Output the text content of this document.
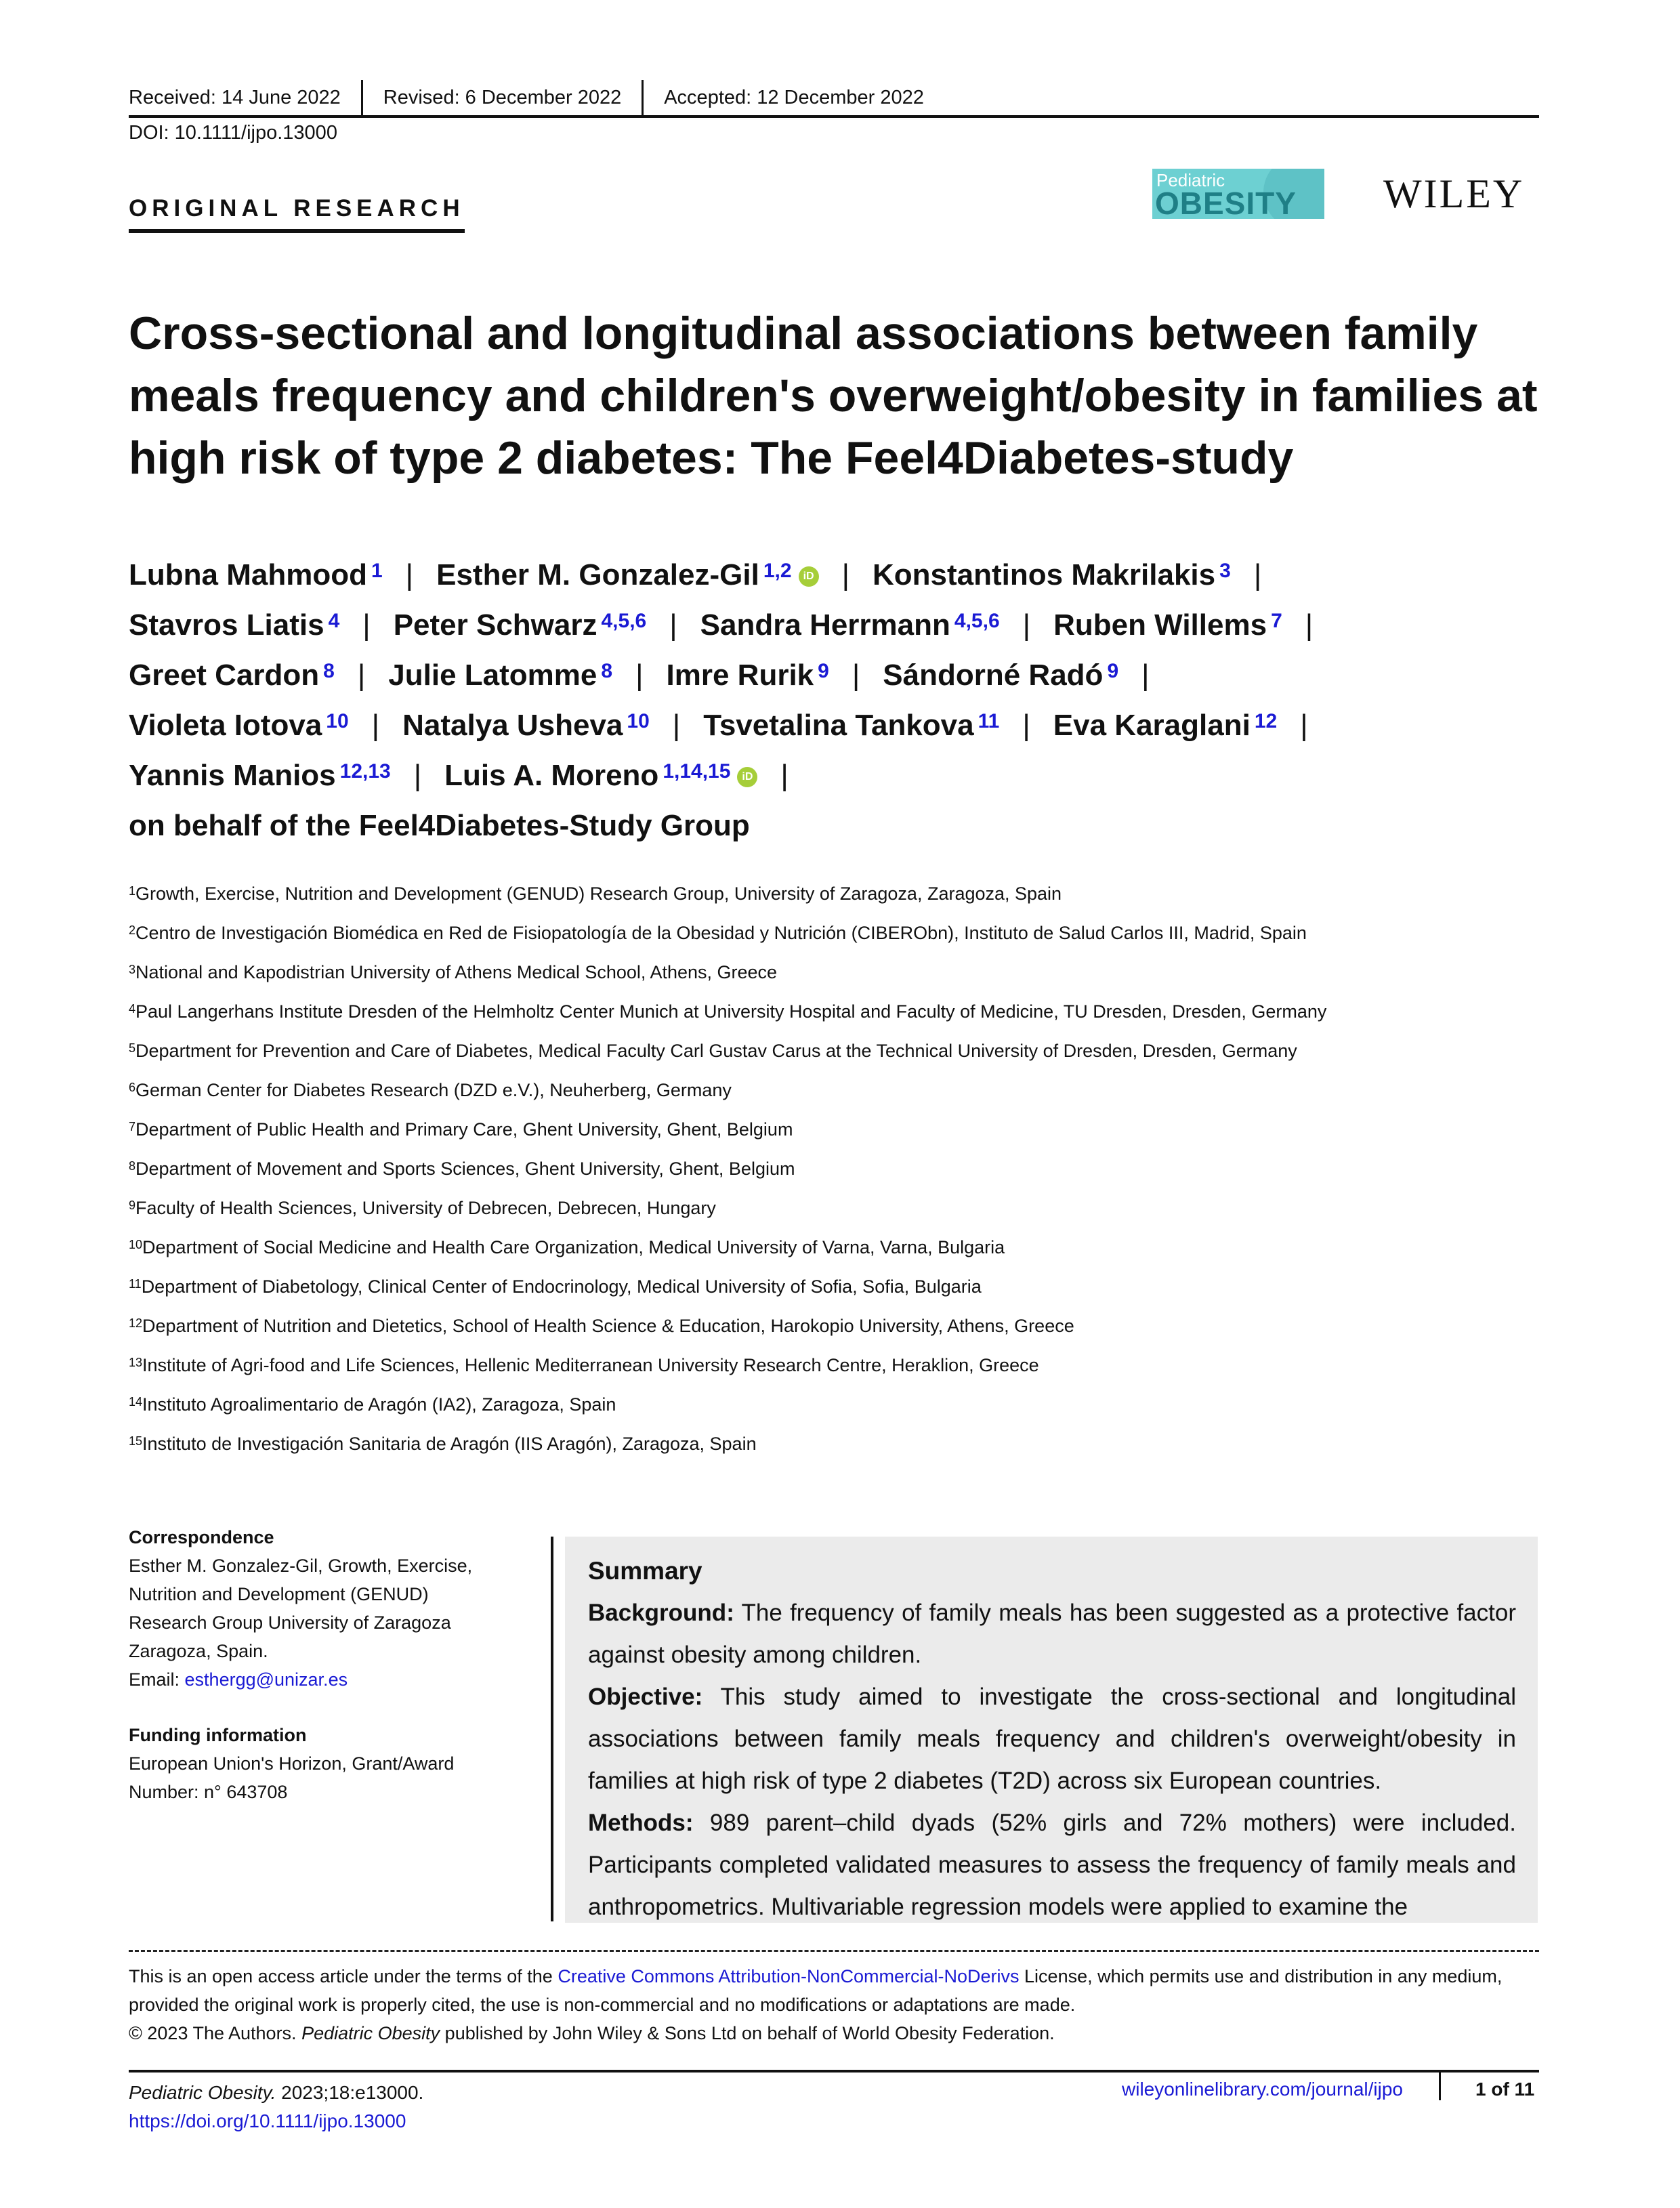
Received: 14 June 2022	Revised: 6 December 2022	Accepted: 12 December 2022
DOI: 10.1111/ijpo.13000
ORIGINAL RESEARCH
Pediatric
OBESITY WILEY
Cross-sectional and longitudinal associations between family meals frequency and children's overweight/obesity in families at high risk of type 2 diabetes: The Feel4Diabetes-study
Lubna Mahmood $^1$ | Esther M. Gonzalez-Gil $^{1,2}$ iD | Konstantinos Makrilakis $^3$ |
Stavros Liatis $^4$ | Peter Schwarz $^{4,5,6}$ | Sandra Herrmann $^{4,5,6}$ | Ruben Willems $^7$ |
Greet Cardon $^8$ | Julie Latomme $^8$ | Imre Rurik $^9$ | Sándorné Radó $^9$ |
Violeta Iotova $^{10}$ | Natalya Usheva $^{10}$ | Tsvetalina Tankova $^{11}$ | Eva Karaglani $^{12}$ |
Yannis Manios $^{12,13}$ | Luis A. Moreno $^{1,14,15}$ iD |
on behalf of the Feel4Diabetes-Study Group
$^1$Growth, Exercise, Nutrition and Development (GENUD) Research Group, University of Zaragoza, Zaragoza, Spain
$^2$Centro de Investigación Biomédica en Red de Fisiopatología de la Obesidad y Nutrición (CIBERObn), Instituto de Salud Carlos III, Madrid, Spain
$^3$National and Kapodistrian University of Athens Medical School, Athens, Greece
$^4$Paul Langerhans Institute Dresden of the Helmholtz Center Munich at University Hospital and Faculty of Medicine, TU Dresden, Dresden, Germany
$^5$Department for Prevention and Care of Diabetes, Medical Faculty Carl Gustav Carus at the Technical University of Dresden, Dresden, Germany
$^6$German Center for Diabetes Research (DZD e.V.), Neuherberg, Germany
$^7$Department of Public Health and Primary Care, Ghent University, Ghent, Belgium
$^8$Department of Movement and Sports Sciences, Ghent University, Ghent, Belgium
$^9$Faculty of Health Sciences, University of Debrecen, Debrecen, Hungary
$^{10}$Department of Social Medicine and Health Care Organization, Medical University of Varna, Varna, Bulgaria
$^{11}$Department of Diabetology, Clinical Center of Endocrinology, Medical University of Sofia, Sofia, Bulgaria
$^{12}$Department of Nutrition and Dietetics, School of Health Science & Education, Harokopio University, Athens, Greece
$^{13}$Institute of Agri-food and Life Sciences, Hellenic Mediterranean University Research Centre, Heraklion, Greece
$^{14}$Instituto Agroalimentario de Aragón (IA2), Zaragoza, Spain
$^{15}$Instituto de Investigación Sanitaria de Aragón (IIS Aragón), Zaragoza, Spain
Correspondence
Esther M. Gonzalez-Gil, Growth, Exercise,
Nutrition and Development (GENUD)
Research Group University of Zaragoza
Zaragoza, Spain.
Email: esthergg@unizar.es
Funding information
European Union's Horizon, Grant/Award
Number: n° 643708
Summary
Background: The frequency of family meals has been suggested as a protective factor against obesity among children.
Objective: This study aimed to investigate the cross-sectional and longitudinal associations between family meals frequency and children's overweight/obesity in families at high risk of type 2 diabetes (T2D) across six European countries.
Methods: 989 parent–child dyads (52% girls and 72% mothers) were included. Participants completed validated measures to assess the frequency of family meals and anthropometrics. Multivariable regression models were applied to examine the
This is an open access article under the terms of the Creative Commons Attribution-NonCommercial-NoDerivs License, which permits use and distribution in any medium, provided the original work is properly cited, the use is non-commercial and no modifications or adaptations are made.
© 2023 The Authors. Pediatric Obesity published by John Wiley & Sons Ltd on behalf of World Obesity Federation.
Pediatric Obesity. 2023;18:e13000.
https://doi.org/10.1111/ijpo.13000
wileyonlinelibrary.com/journal/ijpo	1 of 11
